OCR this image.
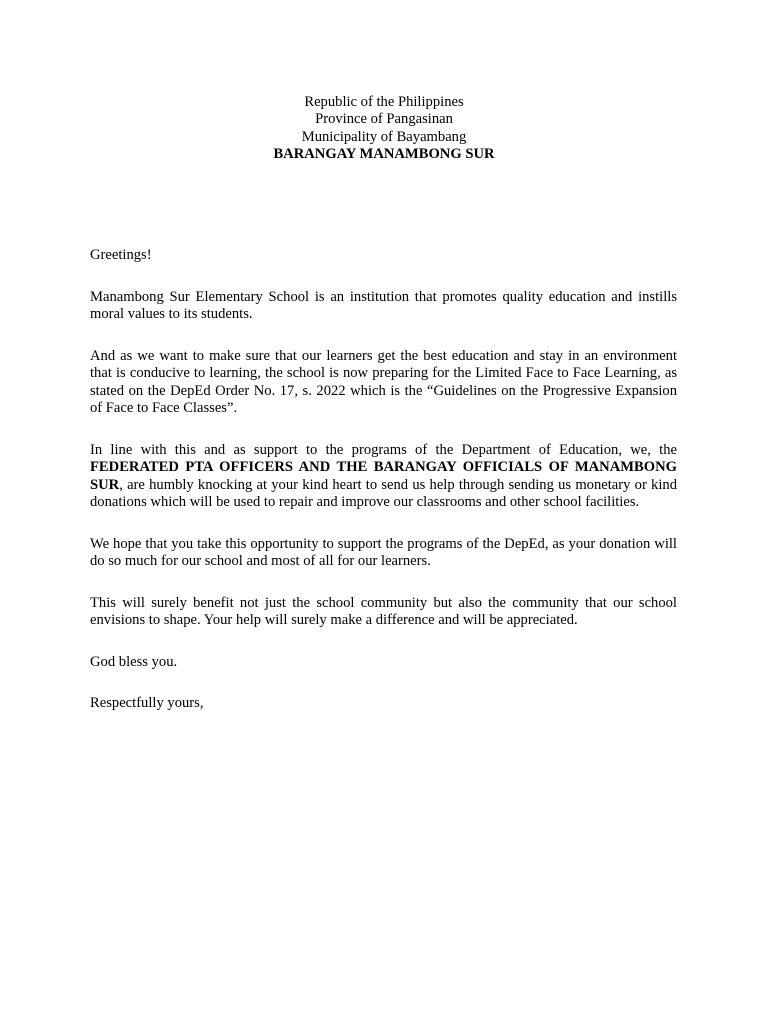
Republic of the Philippines
Province of Pangasinan
Municipality of Bayambang
BARANGAY MANAMBONG SUR

Greetings!

Manambong Sur Elementary School is an institution that promotes quality education and instills moral values to its students.

And as we want to make sure that our learners get the best education and stay in an environment that is conducive to learning, the school is now preparing for the Limited Face to Face Learning, as stated on the DepEd Order No. 17, s. 2022 which is the “Guidelines on the Progressive Expansion of Face to Face Classes”.

In line with this and as support to the programs of the Department of Education, we, the FEDERATED PTA OFFICERS AND THE BARANGAY OFFICIALS OF MANAMBONG SUR, are humbly knocking at your kind heart to send us help through sending us monetary or kind donations which will be used to repair and improve our classrooms and other school facilities.

We hope that you take this opportunity to support the programs of the DepEd, as your donation will do so much for our school and most of all for our learners.

This will surely benefit not just the school community but also the community that our school envisions to shape. Your help will surely make a difference and will be appreciated.

God bless you.

Respectfully yours,
